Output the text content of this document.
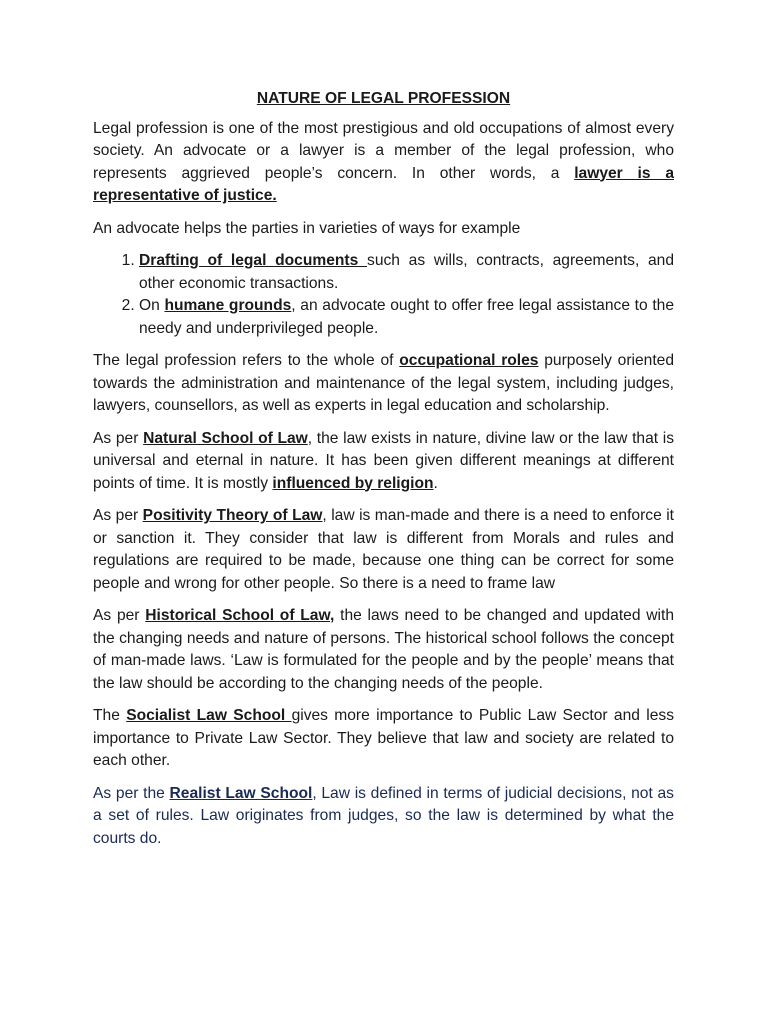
NATURE OF LEGAL PROFESSION

Legal profession is one of the most prestigious and old occupations of almost every society. An advocate or a lawyer is a member of the legal profession, who represents aggrieved people’s concern. In other words, a lawyer is a representative of justice.

An advocate helps the parties in varieties of ways for example

1. Drafting of legal documents such as wills, contracts, agreements, and other economic transactions.
2. On humane grounds, an advocate ought to offer free legal assistance to the needy and underprivileged people.

The legal profession refers to the whole of occupational roles purposely oriented towards the administration and maintenance of the legal system, including judges, lawyers, counsellors, as well as experts in legal education and scholarship.

As per Natural School of Law, the law exists in nature, divine law or the law that is universal and eternal in nature. It has been given different meanings at different points of time. It is mostly influenced by religion.

As per Positivity Theory of Law, law is man-made and there is a need to enforce it or sanction it. They consider that law is different from Morals and rules and regulations are required to be made, because one thing can be correct for some people and wrong for other people. So there is a need to frame law

As per Historical School of Law, the laws need to be changed and updated with the changing needs and nature of persons. The historical school follows the concept of man-made laws. ‘Law is formulated for the people and by the people’ means that the law should be according to the changing needs of the people.

The Socialist Law School gives more importance to Public Law Sector and less importance to Private Law Sector. They believe that law and society are related to each other.

As per the Realist Law School, Law is defined in terms of judicial decisions, not as a set of rules. Law originates from judges, so the law is determined by what the courts do.
